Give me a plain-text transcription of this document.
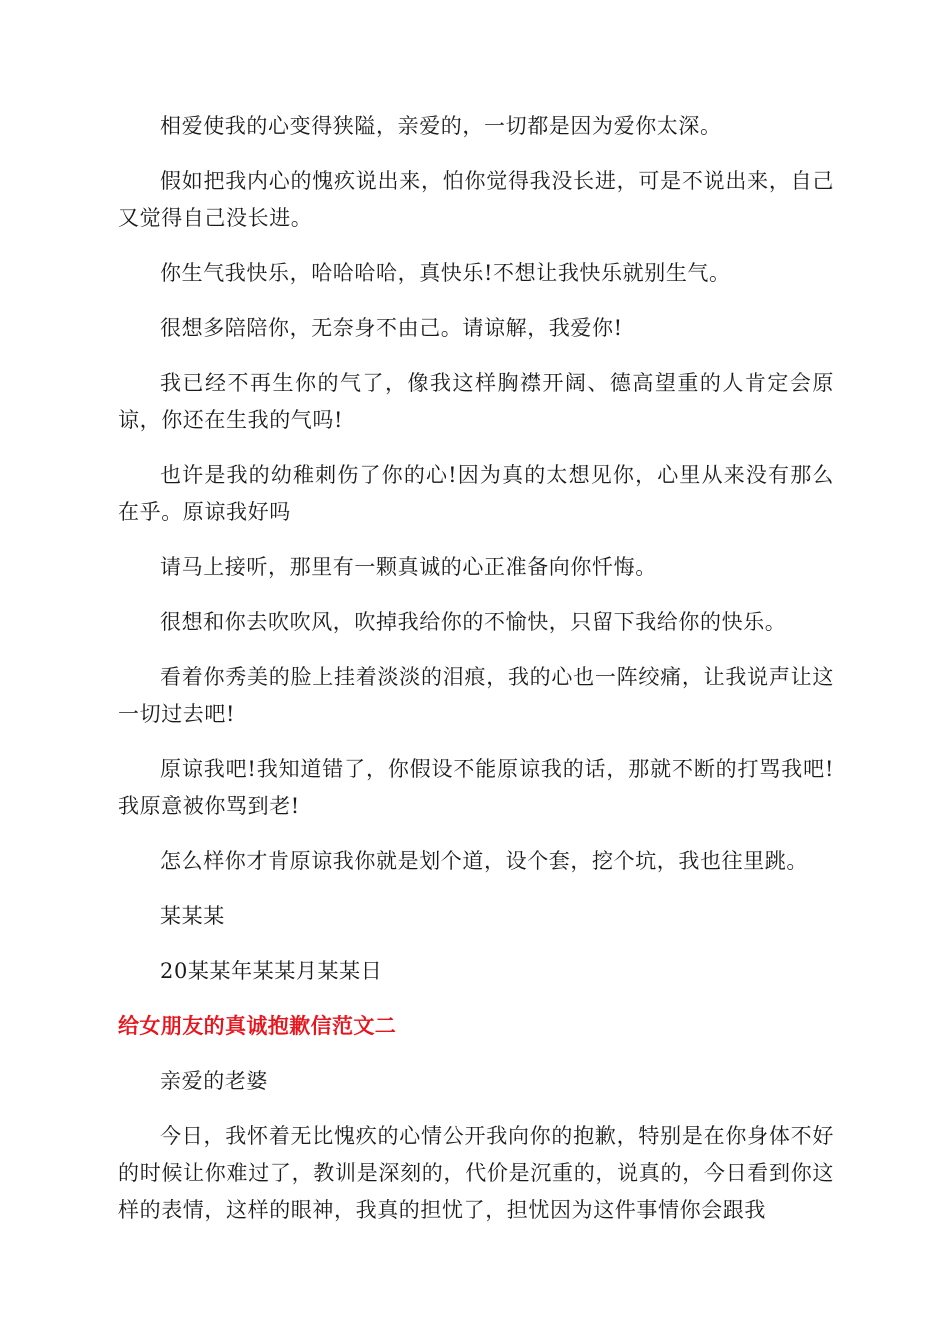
相爱使我的心变得狭隘，亲爱的，一切都是因为爱你太深。

假如把我内心的愧疚说出来，怕你觉得我没长进，可是不说出来，自己又觉得自己没长进。

你生气我快乐，哈哈哈哈，真快乐!不想让我快乐就别生气。

很想多陪陪你，无奈身不由己。请谅解，我爱你!

我已经不再生你的气了，像我这样胸襟开阔、德高望重的人肯定会原谅，你还在生我的气吗!

也许是我的幼稚刺伤了你的心!因为真的太想见你，心里从来没有那么在乎。原谅我好吗

请马上接听，那里有一颗真诚的心正准备向你忏悔。

很想和你去吹吹风，吹掉我给你的不愉快，只留下我给你的快乐。

看着你秀美的脸上挂着淡淡的泪痕，我的心也一阵绞痛，让我说声让这一切过去吧!

原谅我吧!我知道错了，你假设不能原谅我的话，那就不断的打骂我吧!我原意被你骂到老!

怎么样你才肯原谅我你就是划个道，设个套，挖个坑，我也往里跳。

某某某

20某某年某某月某某日

给女朋友的真诚抱歉信范文二

亲爱的老婆

今日，我怀着无比愧疚的心情公开我向你的抱歉，特别是在你身体不好的时候让你难过了，教训是深刻的，代价是沉重的，说真的，今日看到你这样的表情，这样的眼神，我真的担忧了，担忧因为这件事情你会跟我
